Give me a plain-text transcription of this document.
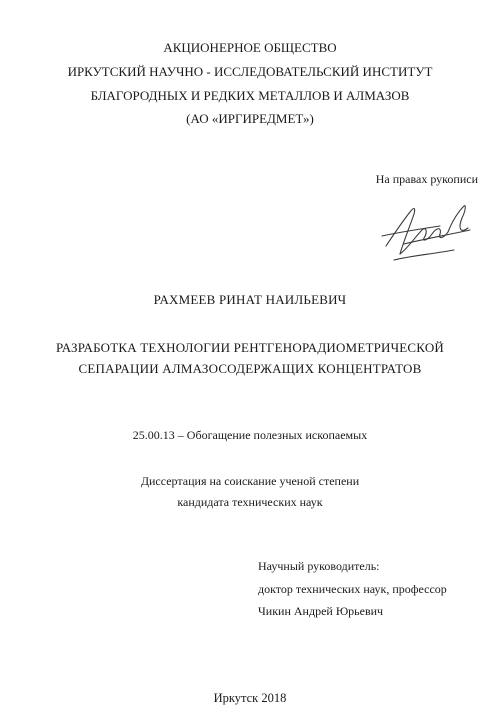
АКЦИОНЕРНОЕ ОБЩЕСТВО
ИРКУТСКИЙ НАУЧНО - ИССЛЕДОВАТЕЛЬСКИЙ ИНСТИТУТ
БЛАГОРОДНЫХ И РЕДКИХ МЕТАЛЛОВ И АЛМАЗОВ
(АО «ИРГИРЕДМЕТ»)
На правах рукописи
РАХМЕЕВ РИНАТ НАИЛЬЕВИЧ
РАЗРАБОТКА ТЕХНОЛОГИИ РЕНТГЕНОРАДИОМЕТРИЧЕСКОЙ
СЕПАРАЦИИ АЛМАЗОСОДЕРЖАЩИХ КОНЦЕНТРАТОВ
25.00.13 – Обогащение полезных ископаемых
Диссертация на соискание ученой степени
кандидата технических наук
Научный руководитель:
доктор технических наук, профессор
Чикин Андрей Юрьевич
Иркутск 2018
